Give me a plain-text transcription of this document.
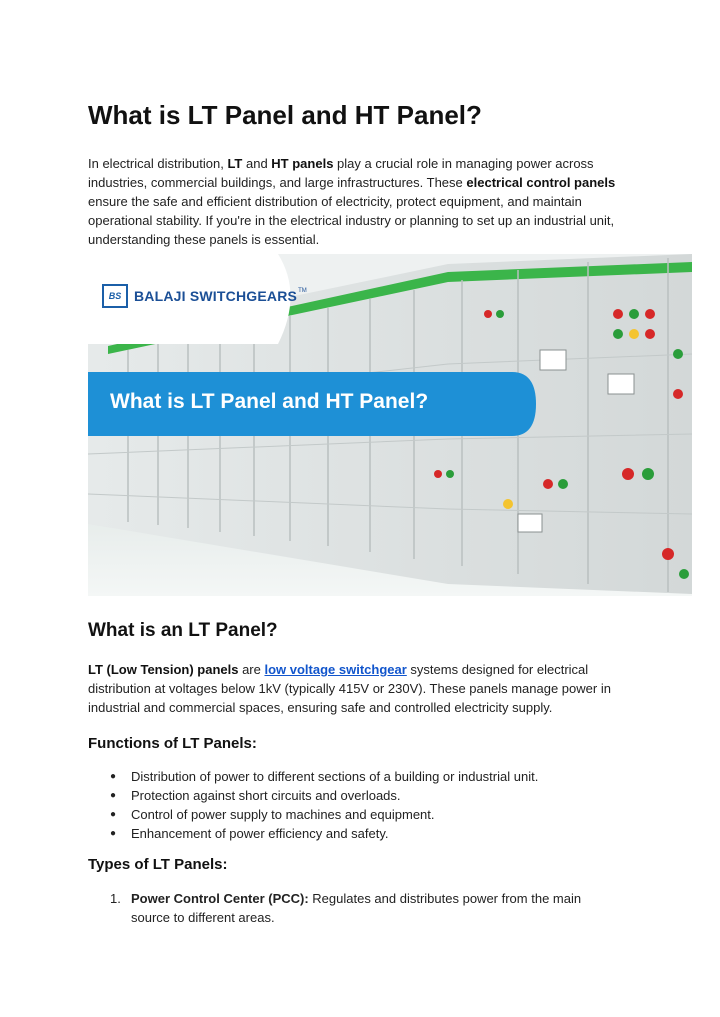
What is LT Panel and HT Panel?

In electrical distribution, LT and HT panels play a crucial role in managing power across industries, commercial buildings, and large infrastructures. These electrical control panels ensure the safe and efficient distribution of electricity, protect equipment, and maintain operational stability. If you're in the electrical industry or planning to set up an industrial unit, understanding these panels is essential.

BS BALAJI SWITCHGEARS™
What is LT Panel and HT Panel?
What is an LT Panel?

LT (Low Tension) panels are low voltage switchgear systems designed for electrical distribution at voltages below 1kV (typically 415V or 230V). These panels manage power in industrial and commercial spaces, ensuring safe and controlled electricity supply.

Functions of LT Panels:
● Distribution of power to different sections of a building or industrial unit.
● Protection against short circuits and overloads.
● Control of power supply to machines and equipment.
● Enhancement of power efficiency and safety.
Types of LT Panels:
1. Power Control Center (PCC): Regulates and distributes power from the main source to different areas.
